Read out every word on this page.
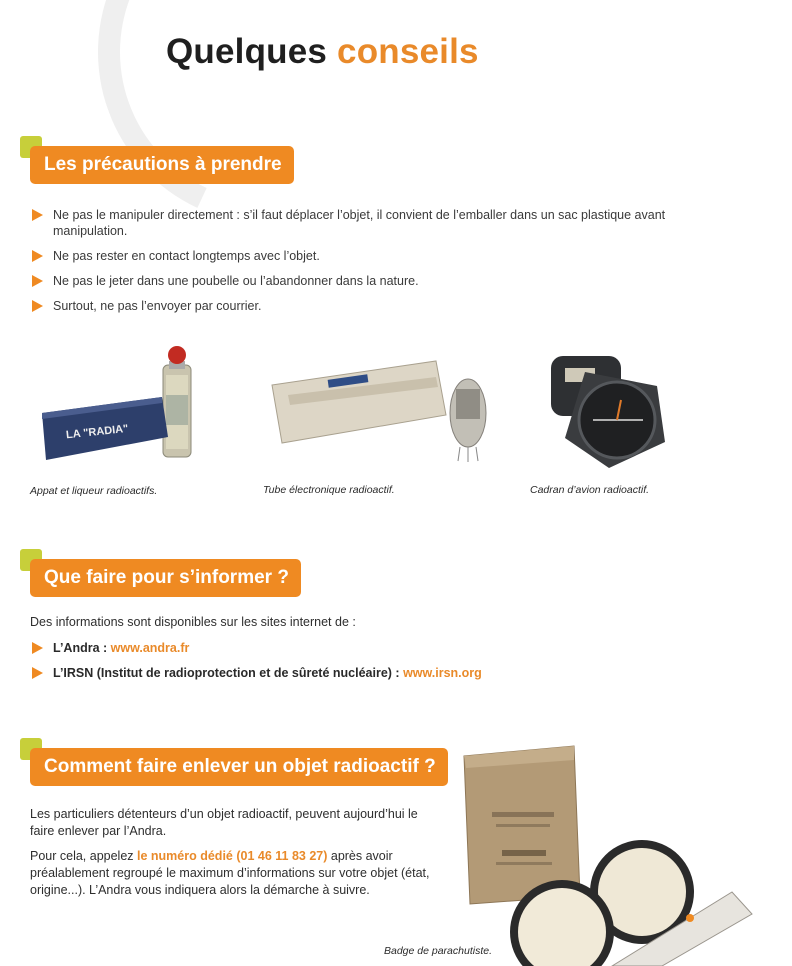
Quelques conseils
Les précautions à prendre
Ne pas le manipuler directement : s’il faut déplacer l’objet, il convient de l’emballer dans un sac plastique avant manipulation.
Ne pas rester en contact longtemps avec l’objet.
Ne pas le jeter dans une poubelle ou l’abandonner dans la nature.
Surtout, ne pas l’envoyer par courrier.
LA "RADIA"
Appat et liqueur radioactifs.	Tube électronique radioactif.	Cadran d’avion radioactif.
Que faire pour s’informer ?
Des informations sont disponibles sur les sites internet de :
L’Andra : www.andra.fr
L’IRSN (Institut de radioprotection et de sûreté nucléaire) : www.irsn.org
Comment faire enlever un objet radioactif ?
Les particuliers détenteurs d’un objet radioactif, peuvent aujourd’hui le faire enlever par l’Andra.
Pour cela, appelez le numéro dédié (01 46 11 83 27) après avoir préalablement regroupé le maximum d’informations sur votre objet (état, origine...). L’Andra vous indiquera alors la démarche à suivre.
Badge de parachutiste.
